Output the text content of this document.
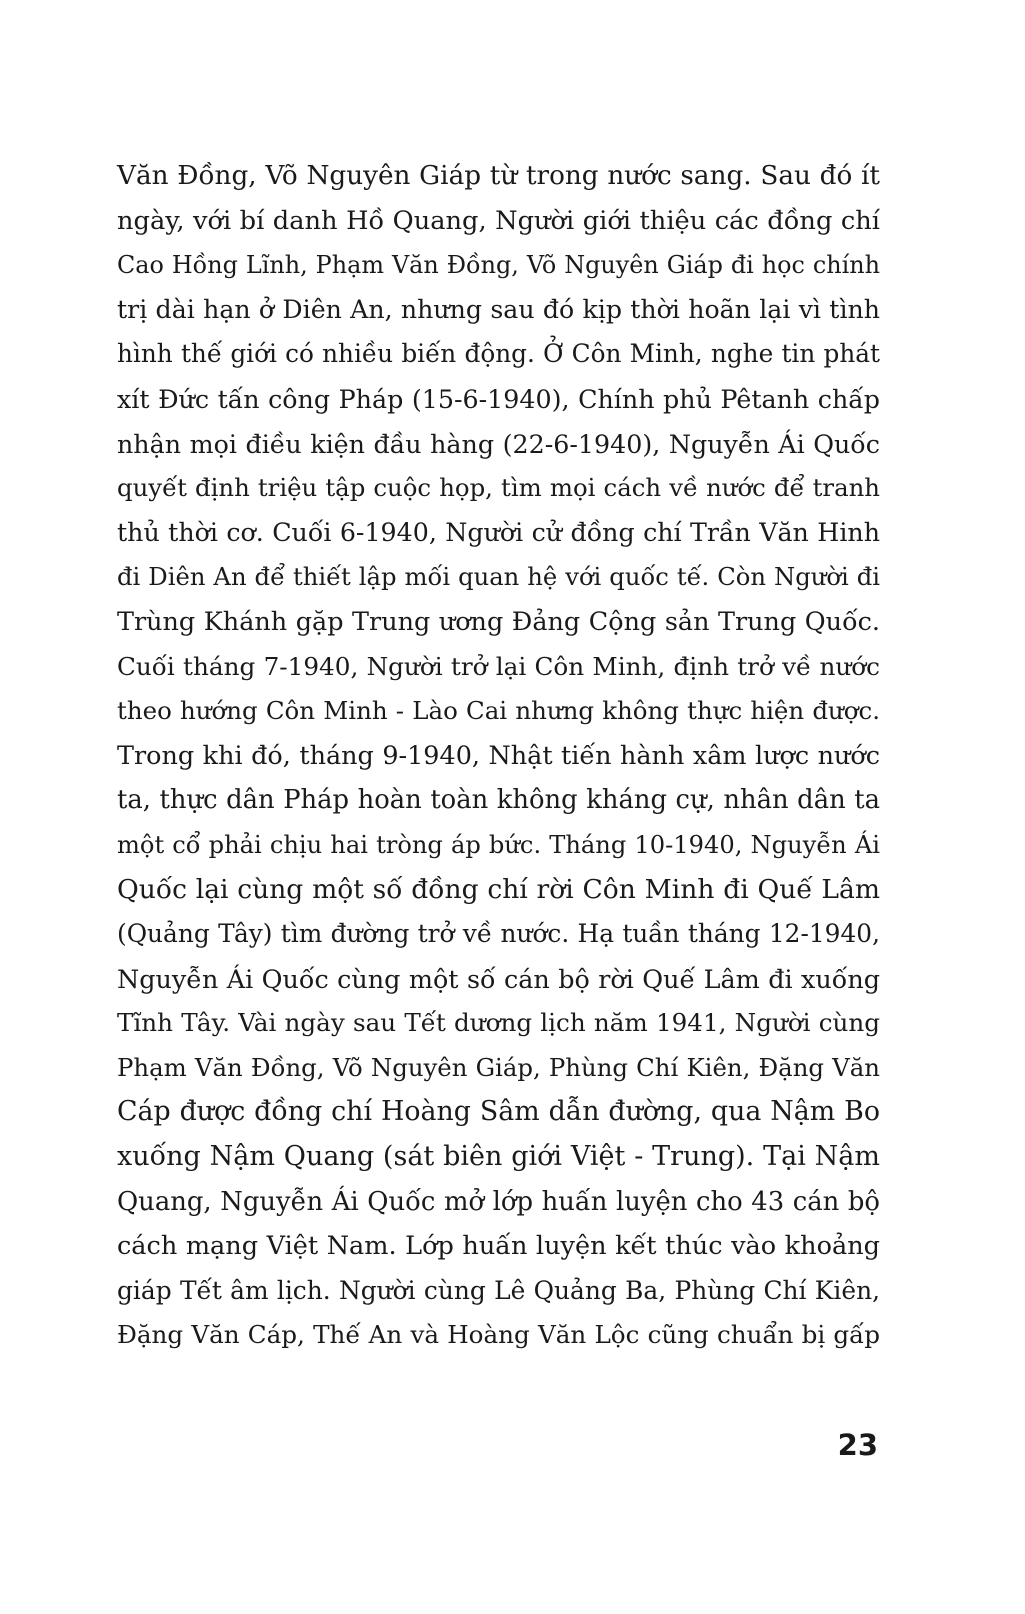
Văn Đồng, Võ Nguyên Giáp từ trong nước sang. Sau đó ít
ngày, với bí danh Hồ Quang, Người giới thiệu các đồng chí
Cao Hồng Lĩnh, Phạm Văn Đồng, Võ Nguyên Giáp đi học chính
trị dài hạn ở Diên An, nhưng sau đó kịp thời hoãn lại vì tình
hình thế giới có nhiều biến động. Ở Côn Minh, nghe tin phát
xít Đức tấn công Pháp (15-6-1940), Chính phủ Pêtanh chấp
nhận mọi điều kiện đầu hàng (22-6-1940), Nguyễn Ái Quốc
quyết định triệu tập cuộc họp, tìm mọi cách về nước để tranh
thủ thời cơ. Cuối 6-1940, Người cử đồng chí Trần Văn Hinh
đi Diên An để thiết lập mối quan hệ với quốc tế. Còn Người đi
Trùng Khánh gặp Trung ương Đảng Cộng sản Trung Quốc.
Cuối tháng 7-1940, Người trở lại Côn Minh, định trở về nước
theo hướng Côn Minh - Lào Cai nhưng không thực hiện được.
Trong khi đó, tháng 9-1940, Nhật tiến hành xâm lược nước
ta, thực dân Pháp hoàn toàn không kháng cự, nhân dân ta
một cổ phải chịu hai tròng áp bức. Tháng 10-1940, Nguyễn Ái
Quốc lại cùng một số đồng chí rời Côn Minh đi Quế Lâm
(Quảng Tây) tìm đường trở về nước. Hạ tuần tháng 12-1940,
Nguyễn Ái Quốc cùng một số cán bộ rời Quế Lâm đi xuống
Tĩnh Tây. Vài ngày sau Tết dương lịch năm 1941, Người cùng
Phạm Văn Đồng, Võ Nguyên Giáp, Phùng Chí Kiên, Đặng Văn
Cáp được đồng chí Hoàng Sâm dẫn đường, qua Nậm Bo
xuống Nậm Quang (sát biên giới Việt - Trung). Tại Nậm
Quang, Nguyễn Ái Quốc mở lớp huấn luyện cho 43 cán bộ
cách mạng Việt Nam. Lớp huấn luyện kết thúc vào khoảng
giáp Tết âm lịch. Người cùng Lê Quảng Ba, Phùng Chí Kiên,
Đặng Văn Cáp, Thế An và Hoàng Văn Lộc cũng chuẩn bị gấp

23
